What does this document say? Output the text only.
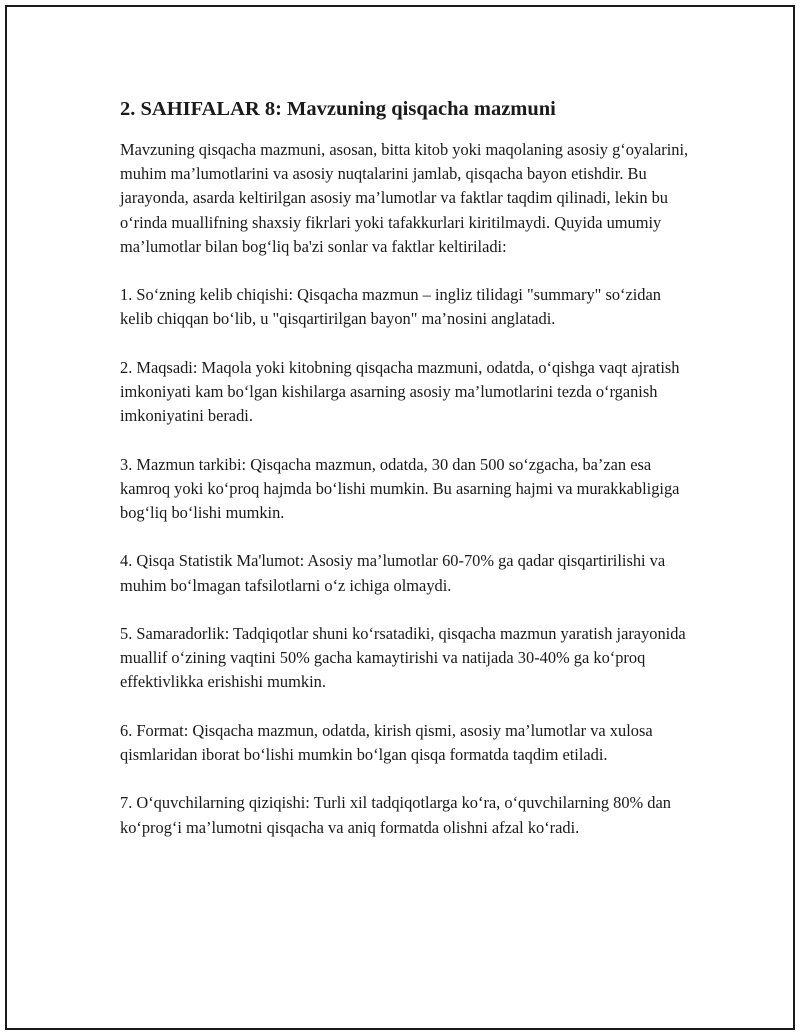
2. SAHIFALAR 8: Mavzuning qisqacha mazmuni

Mavzuning qisqacha mazmuni, asosan, bitta kitob yoki maqolaning asosiy g‘oyalarini, muhim ma’lumotlarini va asosiy nuqtalarini jamlab, qisqacha bayon etishdir. Bu jarayonda, asarda keltirilgan asosiy ma’lumotlar va faktlar taqdim qilinadi, lekin bu o‘rinda muallifning shaxsiy fikrlari yoki tafakkurlari kiritilmaydi. Quyida umumiy ma’lumotlar bilan bog‘liq ba'zi sonlar va faktlar keltiriladi:

1. So‘zning kelib chiqishi: Qisqacha mazmun – ingliz tilidagi "summary" so‘zidan kelib chiqqan bo‘lib, u "qisqartirilgan bayon" ma’nosini anglatadi.

2. Maqsadi: Maqola yoki kitobning qisqacha mazmuni, odatda, o‘qishga vaqt ajratish imkoniyati kam bo‘lgan kishilarga asarning asosiy ma’lumotlarini tezda o‘rganish imkoniyatini beradi.

3. Mazmun tarkibi: Qisqacha mazmun, odatda, 30 dan 500 so‘zgacha, ba’zan esa kamroq yoki ko‘proq hajmda bo‘lishi mumkin. Bu asarning hajmi va murakkabligiga bog‘liq bo‘lishi mumkin.

4. Qisqa Statistik Ma'lumot: Asosiy ma’lumotlar 60-70% ga qadar qisqartirilishi va muhim bo‘lmagan tafsilotlarni o‘z ichiga olmaydi.

5. Samaradorlik: Tadqiqotlar shuni ko‘rsatadiki, qisqacha mazmun yaratish jarayonida muallif o‘zining vaqtini 50% gacha kamaytirishi va natijada 30-40% ga ko‘proq effektivlikka erishishi mumkin.

6. Format: Qisqacha mazmun, odatda, kirish qismi, asosiy ma’lumotlar va xulosa qismlaridan iborat bo‘lishi mumkin bo‘lgan qisqa formatda taqdim etiladi.

7. O‘quvchilarning qiziqishi: Turli xil tadqiqotlarga ko‘ra, o‘quvchilarning 80% dan ko‘prog‘i ma’lumotni qisqacha va aniq formatda olishni afzal ko‘radi.
